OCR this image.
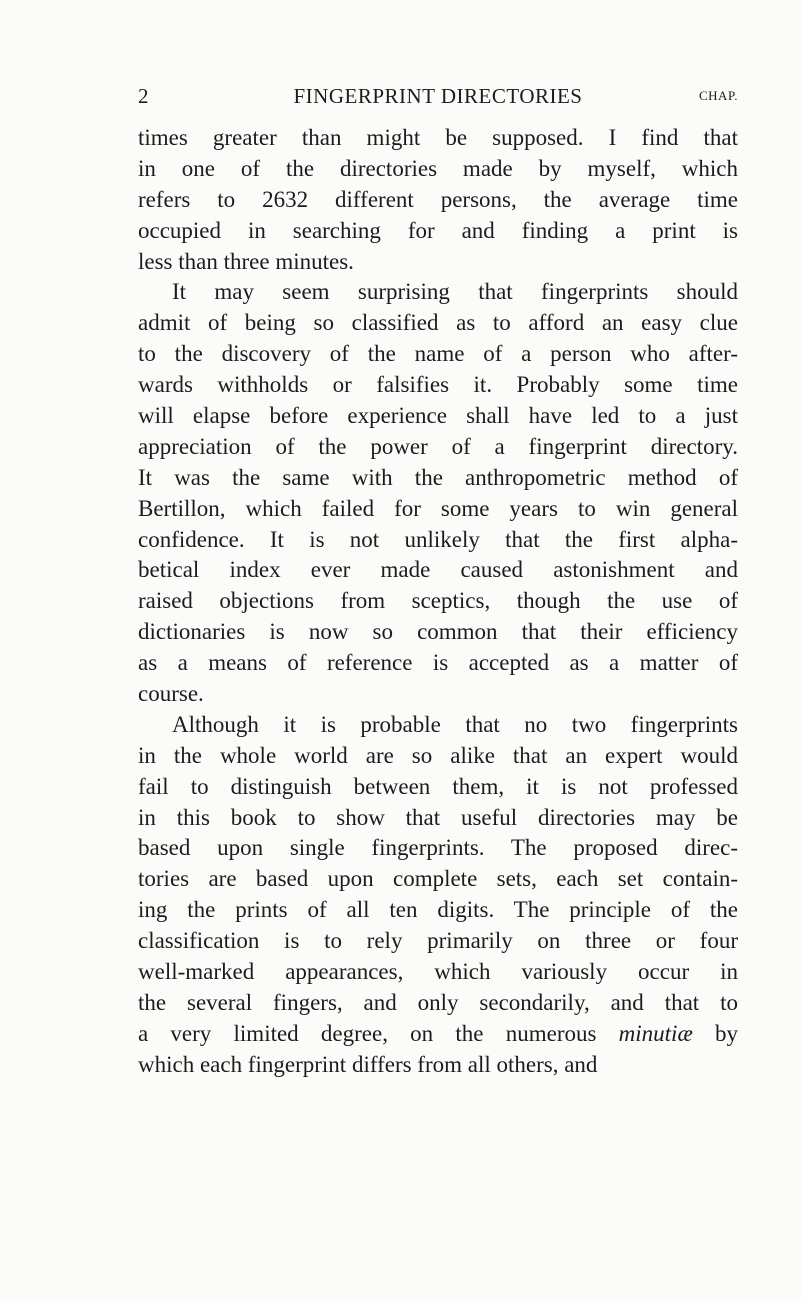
2	FINGERPRINT DIRECTORIES	CHAP.
times greater than might be supposed. I find that
in one of the directories made by myself, which
refers to 2632 different persons, the average time
occupied in searching for and finding a print is
less than three minutes.
It may seem surprising that fingerprints should
admit of being so classified as to afford an easy clue
to the discovery of the name of a person who after-
wards withholds or falsifies it. Probably some time
will elapse before experience shall have led to a just
appreciation of the power of a fingerprint directory.
It was the same with the anthropometric method of
Bertillon, which failed for some years to win general
confidence. It is not unlikely that the first alpha-
betical index ever made caused astonishment and
raised objections from sceptics, though the use of
dictionaries is now so common that their efficiency
as a means of reference is accepted as a matter of
course.
Although it is probable that no two fingerprints
in the whole world are so alike that an expert would
fail to distinguish between them, it is not professed
in this book to show that useful directories may be
based upon single fingerprints. The proposed direc-
tories are based upon complete sets, each set contain-
ing the prints of all ten digits. The principle of the
classification is to rely primarily on three or four
well-marked appearances, which variously occur in
the several fingers, and only secondarily, and that to
a very limited degree, on the numerous minutiæ by
which each fingerprint differs from all others, and
